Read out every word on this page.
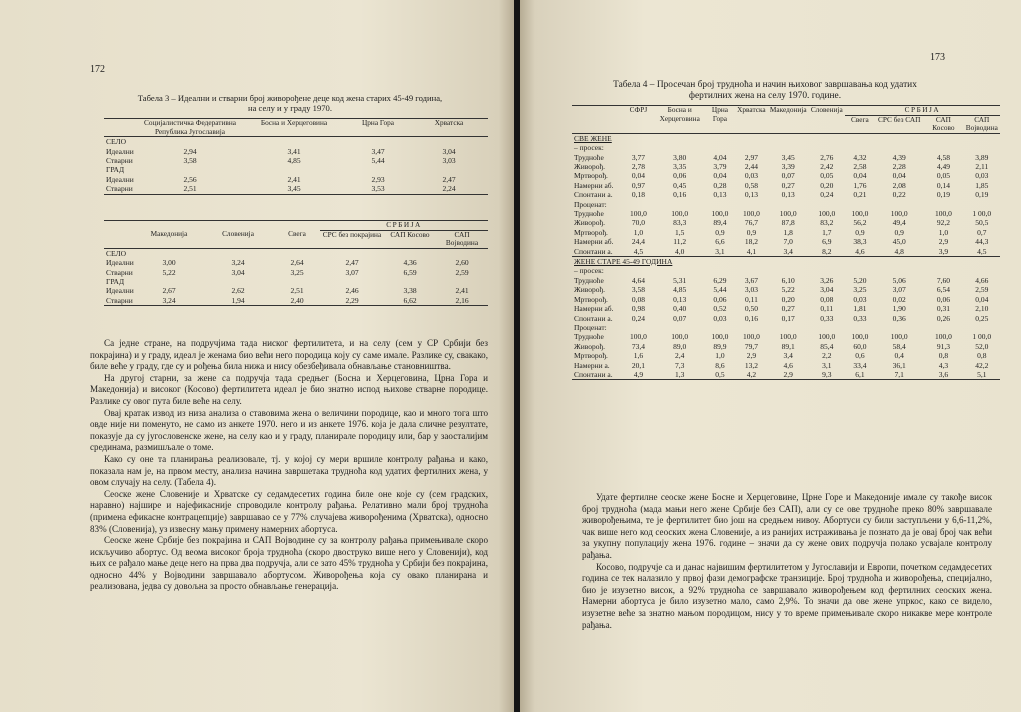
172
Табела 3 – Идеални и стварни број живорођене деце код жена старих 45-49 година,
на селу и у граду 1970.
	Социјалистичка Федеративна Република Југославија	Босна и Херцеговина	Црна Гора	Хрватска
СЕЛО				
Идеални	2,94	3,41	3,47	3,04
Стварни	3,58	4,85	5,44	3,03
ГРАД				
Идеални	2,56	2,41	2,93	2,47
Стварни	2,51	3,45	3,53	2,24
				СРБИЈА		
	Македонија	Словенија	Свега	СРС без покрајина	САП Косово	САП Војводина
СЕЛО						
Идеални	3,00	3,24	2,64	2,47	4,36	2,60
Стварни	5,22	3,04	3,25	3,07	6,59	2,59
ГРАД						
Идеални	2,67	2,62	2,51	2,46	3,38	2,41
Стварни	3,24	1,94	2,40	2,29	6,62	2,16

Са једне стране, на подручјима тада ниског фертилитета, и на селу (сем у СР Србији без покрајина) и у граду, идеал је женама био већи него породица коју су саме имале. Разлике су, свакако, биле веће у граду, где су и рођења била нижа и нису обезбеђивала обнављање становништва.

На другој старни, за жене са подручја тада средњег (Босна и Херцеговина, Црна Гора и Македонија) и високог (Косово) фертилитета идеал је био знатно испод њихове стварне породице. Разлике су овог пута биле веће на селу.

Овај кратак извод из низа анализа о ставовима жена о величини породице, као и много тога што овде није ни поменуто, не само из анкете 1970. него и из анкете 1976. која је дала сличне резултате, показује да су југословенске жене, на селу као и у граду, планирале породицу или, бар у заосталијим срединама, размишљале о томе.

Како су оне та планирања реализовале, тј. у којој су мери вршиле контролу рађања и како, показала нам је, на првом месту, анализа начина завршетака трудноћа код удатих фертилних жена, у овом случају на селу. (Табела 4).

Сеоске жене Словеније и Хрватске су седамдесетих година биле оне које су (сем градских, наравно) најшире и најефикасније спроводиле контролу рађања. Релативно мали број трудноћа (примена ефикасне контрацепције) завршавао се у 77% случајева живорођенима (Хрватска), односно 83% (Словенија), уз извесну мању примену намерних абортуса.

Сеоске жене Србије без покрајина и САП Војводине су за контролу рађања примењивале скоро искључиво абортус. Од веома високог броја трудноћа (скоро двоструко више него у Словенији), код њих се рађало мање деце него на прва два подручја, али се зато 45% трудноћа у Србији без покрајина, односно 44% у Војводини завршавало абортусом. Живорођења која су овако планирана и реализована, једва су довољна за просто обнављање генерација.

173
Табела 4 – Просечан број трудноћа и начин њиховог завршавања код удатих
фертилних жена на селу 1970. године.
	СФРЈ	Босна и Херцеговина	Црна Гора	Хрватска	Македонија	Словенија	СРБИЈА			
							Свега	СРС без САП	САП Косово	САП Војводина
СВЕ ЖЕНЕ										
– просек:										
Трудноће	3,77	3,80	4,04	2,97	3,45	2,76	4,32	4,39	4,58	3,89
Живорођ.	2,78	3,35	3,79	2,44	3,39	2,42	2,58	2,28	4,49	2,11
Мртворођ.	0,04	0,06	0,04	0,03	0,07	0,05	0,04	0,04	0,05	0,03
Намерни аб.	0,97	0,45	0,28	0,58	0,27	0,20	1,76	2,08	0,14	1,85
Спонтани а.	0,18	0,16	0,13	0,13	0,13	0,24	0,21	0,22	0,19	0,19
Проценат:										
Трудноће	100,0	100,0	100,0	100,0	100,0	100,0	100,0	100,0	100,0	1 00,0
Живорођ.	70,0	83,3	89,4	76,7	87,8	83,2	56,2	49,4	92,2	50,5
Мртворођ.	1,0	1,5	0,9	0,9	1,8	1,7	0,9	0,9	1,0	0,7
Намерни аб.	24,4	11,2	6,6	18,2	7,0	6,9	38,3	45,0	2,9	44,3
Спонтани а.	4,5	4,0	3,1	4,1	3,4	8,2	4,6	4,8	3,9	4,5
ЖЕНЕ СТАРЕ 45-49 ГОДИНА										
– просек:										
Трудноће	4,64	5,31	6,29	3,67	6,10	3,26	5,20	5,06	7,60	4,66
Живорођ.	3,58	4,85	5,44	3,03	5,22	3,04	3,25	3,07	6,54	2,59
Мртворођ.	0,08	0,13	0,06	0,11	0,20	0,08	0,03	0,02	0,06	0,04
Намерни аб.	0,98	0,40	0,52	0,50	0,27	0,11	1,81	1,90	0,31	2,10
Спонтани а.	0,24	0,07	0,03	0,16	0,17	0,33	0,33	0,36	0,26	0,25
Проценат:										
Трудноће	100,0	100,0	100,0	100,0	100,0	100,0	100,0	100,0	100,0	1 00,0
Живорођ.	73,4	89,0	89,9	79,7	89,1	85,4	60,0	58,4	91,3	52,0
Мртворођ.	1,6	2,4	1,0	2,9	3,4	2,2	0,6	0,4	0,8	0,8
Намерни а.	20,1	7,3	8,6	13,2	4,6	3,1	33,4	36,1	4,3	42,2
Спонтани а.	4,9	1,3	0,5	4,2	2,9	9,3	6,1	7,1	3,6	5,1

Удате фертилне сеоске жене Босне и Херцеговине, Црне Горе и Македоније имале су такође висок број трудноћа (мада мањи него жене Србије без САП), али су се ове трудноће преко 80% завршавале живорођењима, те је фертилитет био још на средњем нивоу. Абортуси су били заступљени у 6,6-11,2%, чак више него код сеоских жена Словеније, а из ранијих истраживања је познато да је овај број чак већи за укупну популацију жена 1976. године – значи да су жене ових подручја полако усвајале контролу рађања.

Косово, подручје са и данас највишим фертилитетом у Југославији и Европи, почетком седамдесетих година се тек налазило у првој фази демографске транзиције. Број трудноћа и живорођења, специјално, био је изузетно висок, а 92% трудноћа се завршавало живорођењем код фертилних сеоских жена. Намерни абортуса је било изузетно мало, само 2,9%. То значи да ове жене упркос, како се видело, изузетне веће за знатно мањом породицом, нису у то време примењивале скоро никакве мере контроле рађања.
